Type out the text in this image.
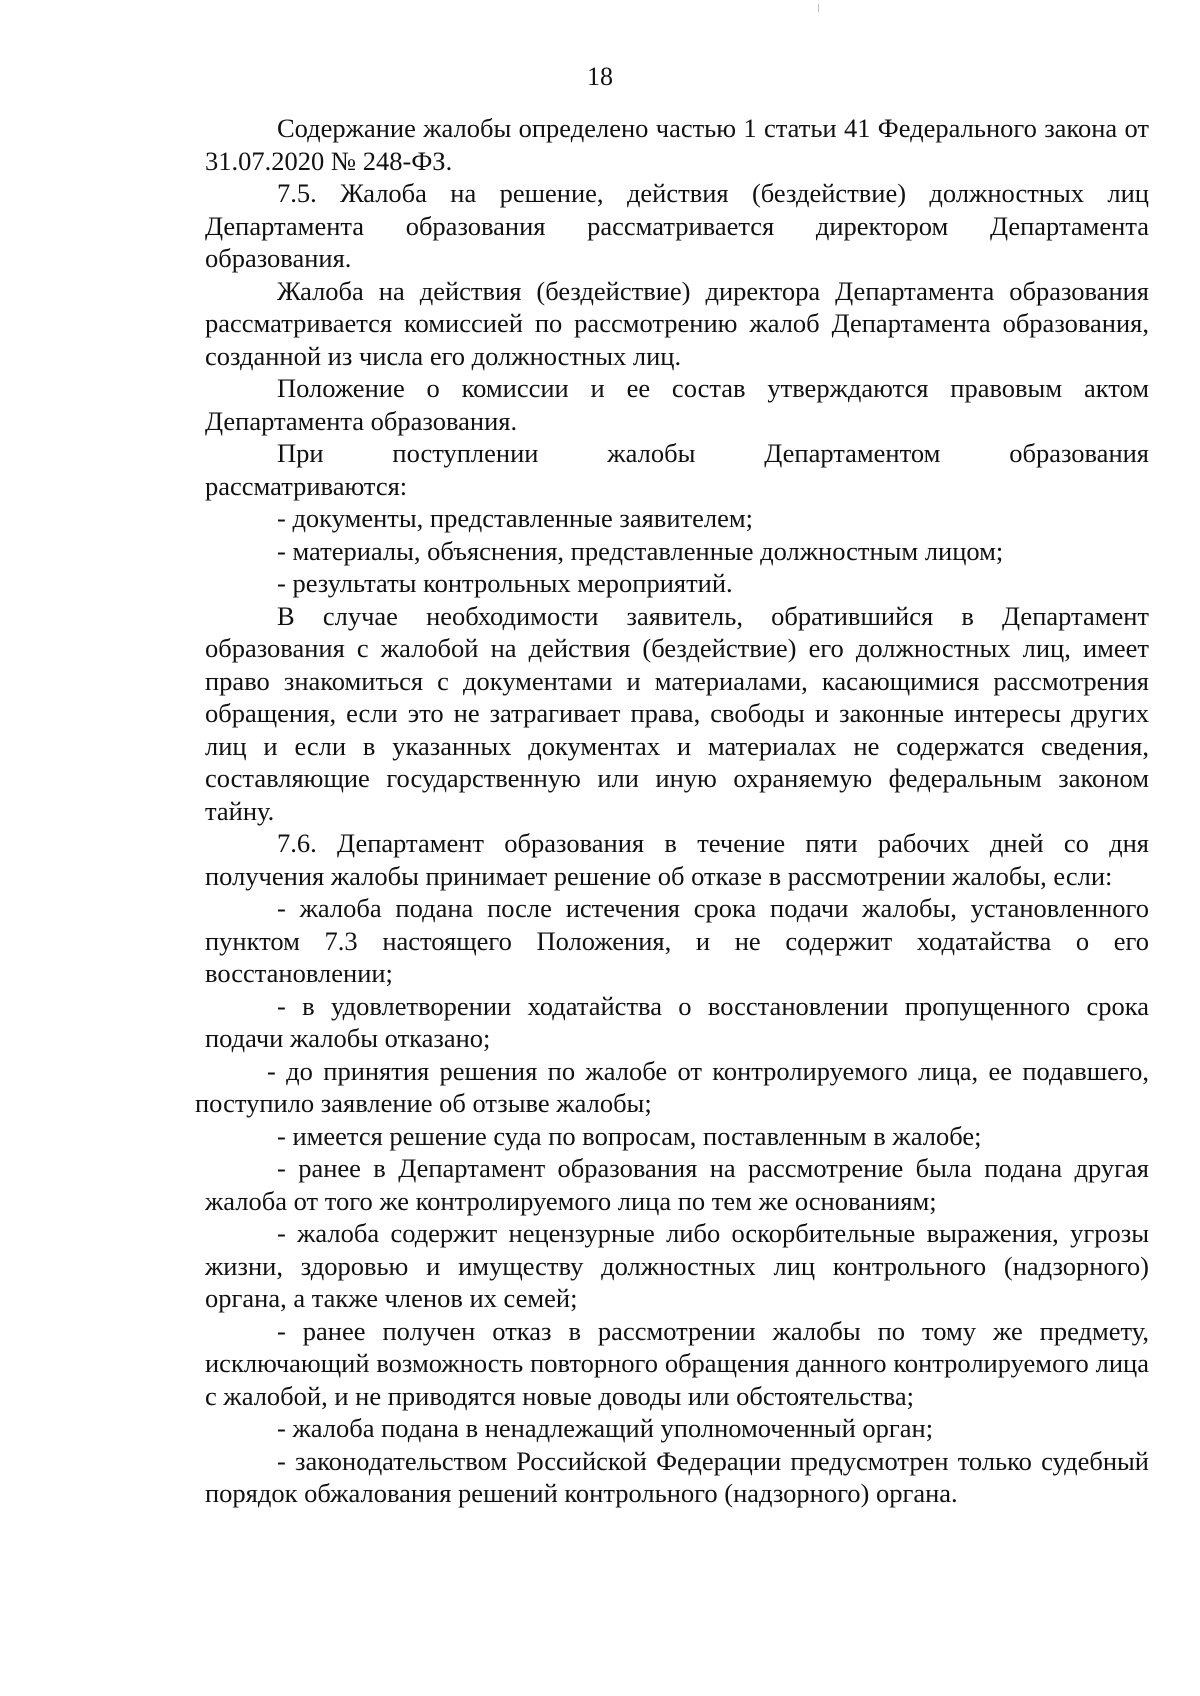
18

Содержание жалобы определено частью 1 статьи 41 Федерального закона от 31.07.2020 № 248-ФЗ.

7.5. Жалоба на решение, действия (бездействие) должностных лиц Департамента образования рассматривается директором Департамента образования.

Жалоба на действия (бездействие) директора Департамента образования рассматривается комиссией по рассмотрению жалоб Департамента образования, созданной из числа его должностных лиц.

Положение о комиссии и ее состав утверждаются правовым актом Департамента образования.

При поступлении жалобы Департаментом образования

рассматриваются:

- документы, представленные заявителем;

- материалы, объяснения, представленные должностным лицом;

- результаты контрольных мероприятий.

В случае необходимости заявитель, обратившийся в Департамент образования с жалобой на действия (бездействие) его должностных лиц, имеет право знакомиться с документами и материалами, касающимися рассмотрения обращения, если это не затрагивает права, свободы и законные интересы других лиц и если в указанных документах и материалах не содержатся сведения, составляющие государственную или иную охраняемую федеральным законом тайну.

7.6. Департамент образования в течение пяти рабочих дней со дня получения жалобы принимает решение об отказе в рассмотрении жалобы, если:

- жалоба подана после истечения срока подачи жалобы, установленного пунктом 7.3 настоящего Положения, и не содержит ходатайства о его восстановлении;

- в удовлетворении ходатайства о восстановлении пропущенного срока подачи жалобы отказано;

- до принятия решения по жалобе от контролируемого лица, ее подавшего, поступило заявление об отзыве жалобы;

- имеется решение суда по вопросам, поставленным в жалобе;

- ранее в Департамент образования на рассмотрение была подана другая жалоба от того же контролируемого лица по тем же основаниям;

- жалоба содержит нецензурные либо оскорбительные выражения, угрозы жизни, здоровью и имуществу должностных лиц контрольного (надзорного) органа, а также членов их семей;

- ранее получен отказ в рассмотрении жалобы по тому же предмету, исключающий возможность повторного обращения данного контролируемого лица с жалобой, и не приводятся новые доводы или обстоятельства;

- жалоба подана в ненадлежащий уполномоченный орган;

- законодательством Российской Федерации предусмотрен только судебный порядок обжалования решений контрольного (надзорного) органа.
